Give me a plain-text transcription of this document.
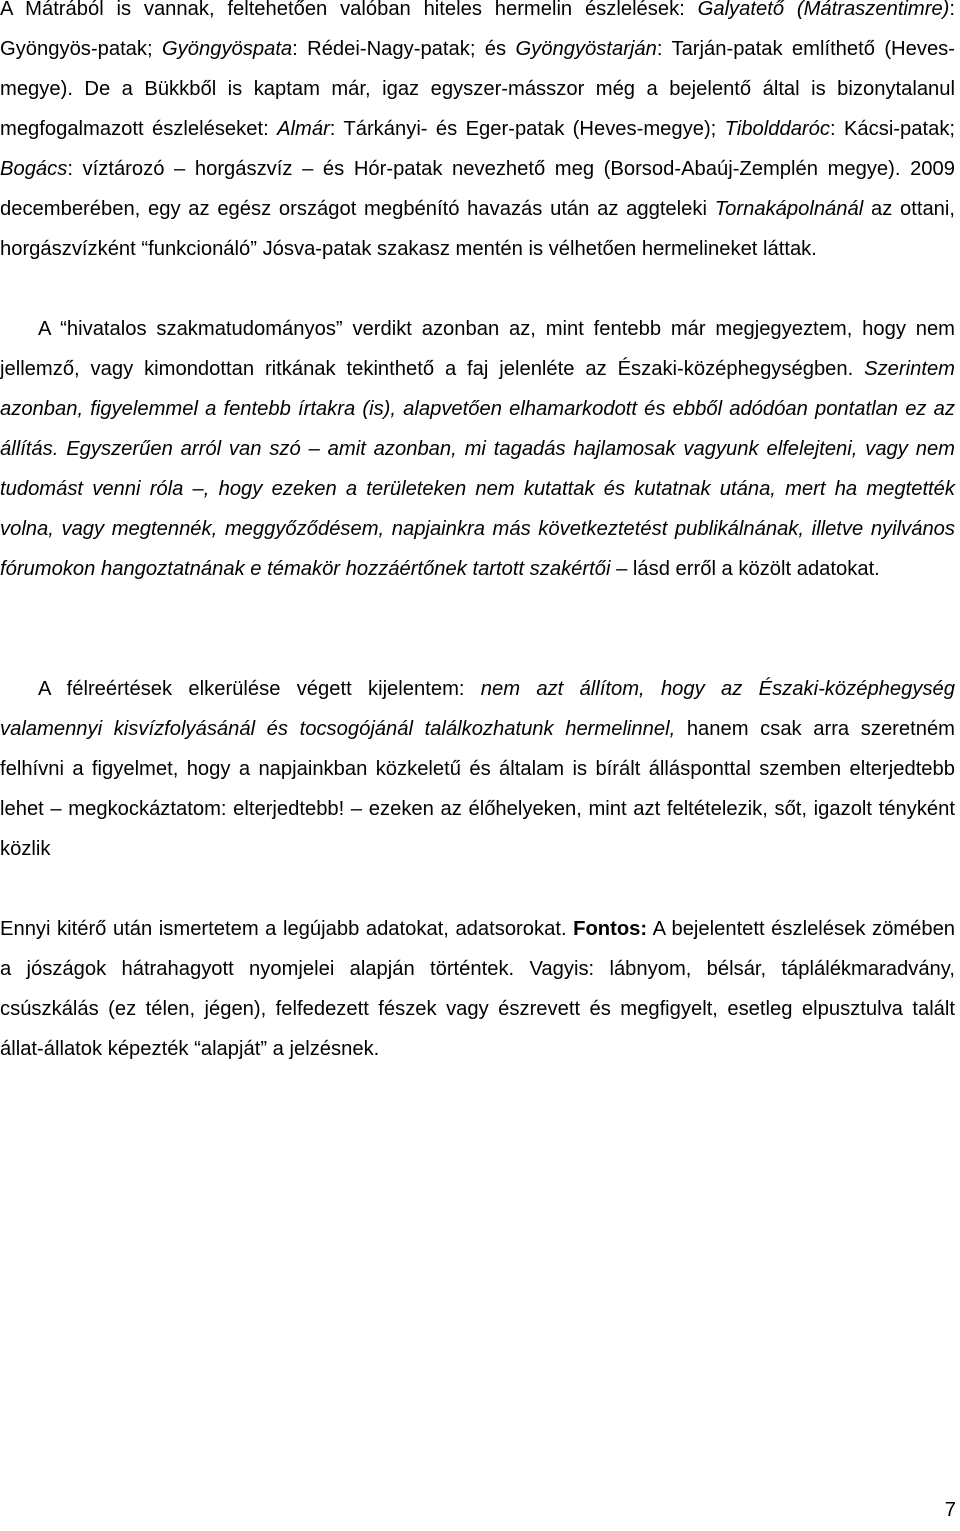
A Mátrából is vannak, feltehetően valóban hiteles hermelin észlelések: Galyatető (Mátraszentimre): Gyöngyös-patak; Gyöngyöspata: Rédei-Nagy-patak; és Gyöngyöstarján: Tarján-patak említhető (Heves-megye). De a Bükkből is kaptam már, igaz egyszer-másszor még a bejelentő által is bizonytalanul megfogalmazott észleléseket: Almár: Tárkányi- és Eger-patak (Heves-megye); Tibolddaróc: Kácsi-patak; Bogács: víztározó – horgászvíz – és Hór-patak nevezhető meg (Borsod-Abaúj-Zemplén megye). 2009 decemberében, egy az egész országot megbénító havazás után az aggteleki Tornakápolnánál az ottani, horgászvízként “funkcionáló” Jósva-patak szakasz mentén is vélhetően hermelineket láttak.

A “hivatalos szakmatudományos” verdikt azonban az, mint fentebb már megjegyeztem, hogy nem jellemző, vagy kimondottan ritkának tekinthető a faj jelenléte az Északi-középhegységben. Szerintem azonban, figyelemmel a fentebb írtakra (is), alapvetően elhamarkodott és ebből adódóan pontatlan ez az állítás. Egyszerűen arról van szó – amit azonban, mi tagadás hajlamosak vagyunk elfelejteni, vagy nem tudomást venni róla –, hogy ezeken a területeken nem kutattak és kutatnak utána, mert ha megtették volna, vagy megtennék, meggyőződésem, napjainkra más következtetést publikálnának, illetve nyilvános fórumokon hangoztatnának e témakör hozzáértőnek tartott szakértői – lásd erről a közölt adatokat.

A félreértések elkerülése végett kijelentem: nem azt állítom, hogy az Északi-középhegység valamennyi kisvízfolyásánál és tocsogójánál találkozhatunk hermelinnel, hanem csak arra szeretném felhívni a figyelmet, hogy a napjainkban közkeletű és általam is bírált állásponttal szemben elterjedtebb lehet – megkockáztatom: elterjedtebb! – ezeken az élőhelyeken, mint azt feltételezik, sőt, igazolt tényként közlik

Ennyi kitérő után ismertetem a legújabb adatokat, adatsorokat. Fontos: A bejelentett észlelések zömében a jószágok hátrahagyott nyomjelei alapján történtek. Vagyis: lábnyom, bélsár, táplálékmaradvány, csúszkálás (ez télen, jégen), felfedezett fészek vagy észrevett és megfigyelt, esetleg elpusztulva talált állat-állatok képezték “alapját” a jelzésnek.

7
